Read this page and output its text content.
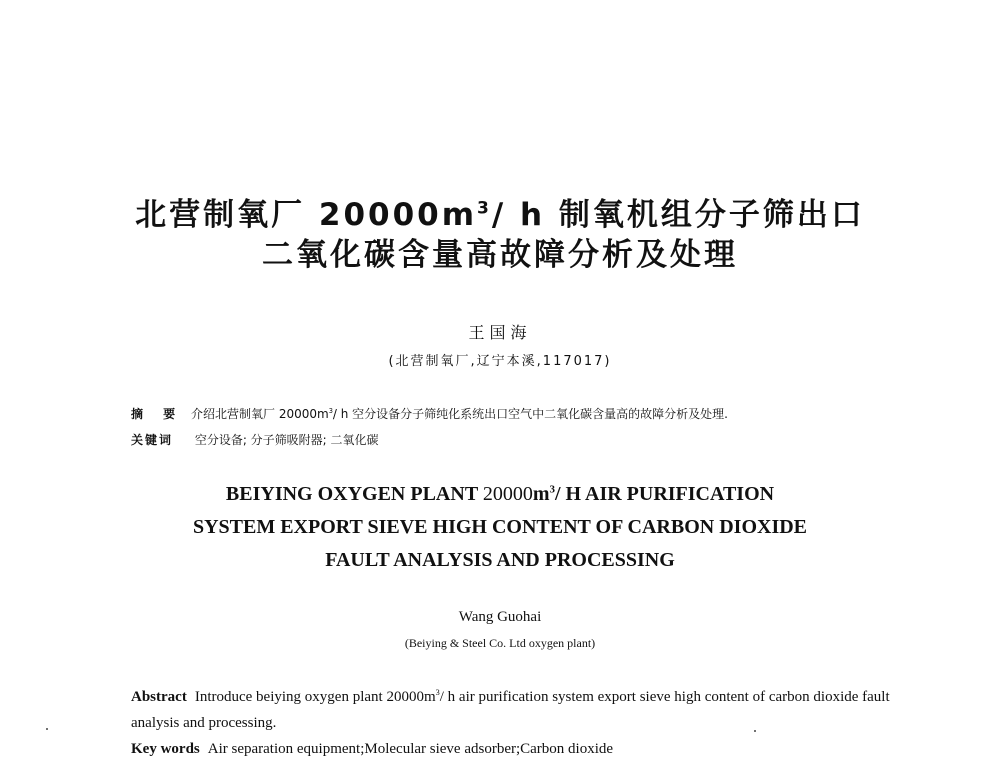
北营制氧厂 $20000m^3/$ h 制氧机组分子筛出口
二氧化碳含量高故障分析及处理
王国海
(北营制氧厂,辽宁本溪,117017)
摘 要 介绍北营制氧厂 $20000m^3/$ h 空分设备分子筛纯化系统出口空气中二氧化碳含量高的故障分析及处理.
关键词 空分设备; 分子筛吸附器; 二氧化碳
BEIYING OXYGEN PLANT $20000m^3/$ H AIR PURIFICATION
SYSTEM EXPORT SIEVE HIGH CONTENT OF CARBON DIOXIDE
FAULT ANALYSIS AND PROCESSING
Wang Guohai
(Beiying & Steel Co. Ltd oxygen plant)
Abstract Introduce beiying oxygen plant $20000m^3/$ h air purification system export sieve high content of carbon dioxide fault analysis and processing.
Key words Air separation equipment;Molecular sieve adsorber;Carbon dioxide
